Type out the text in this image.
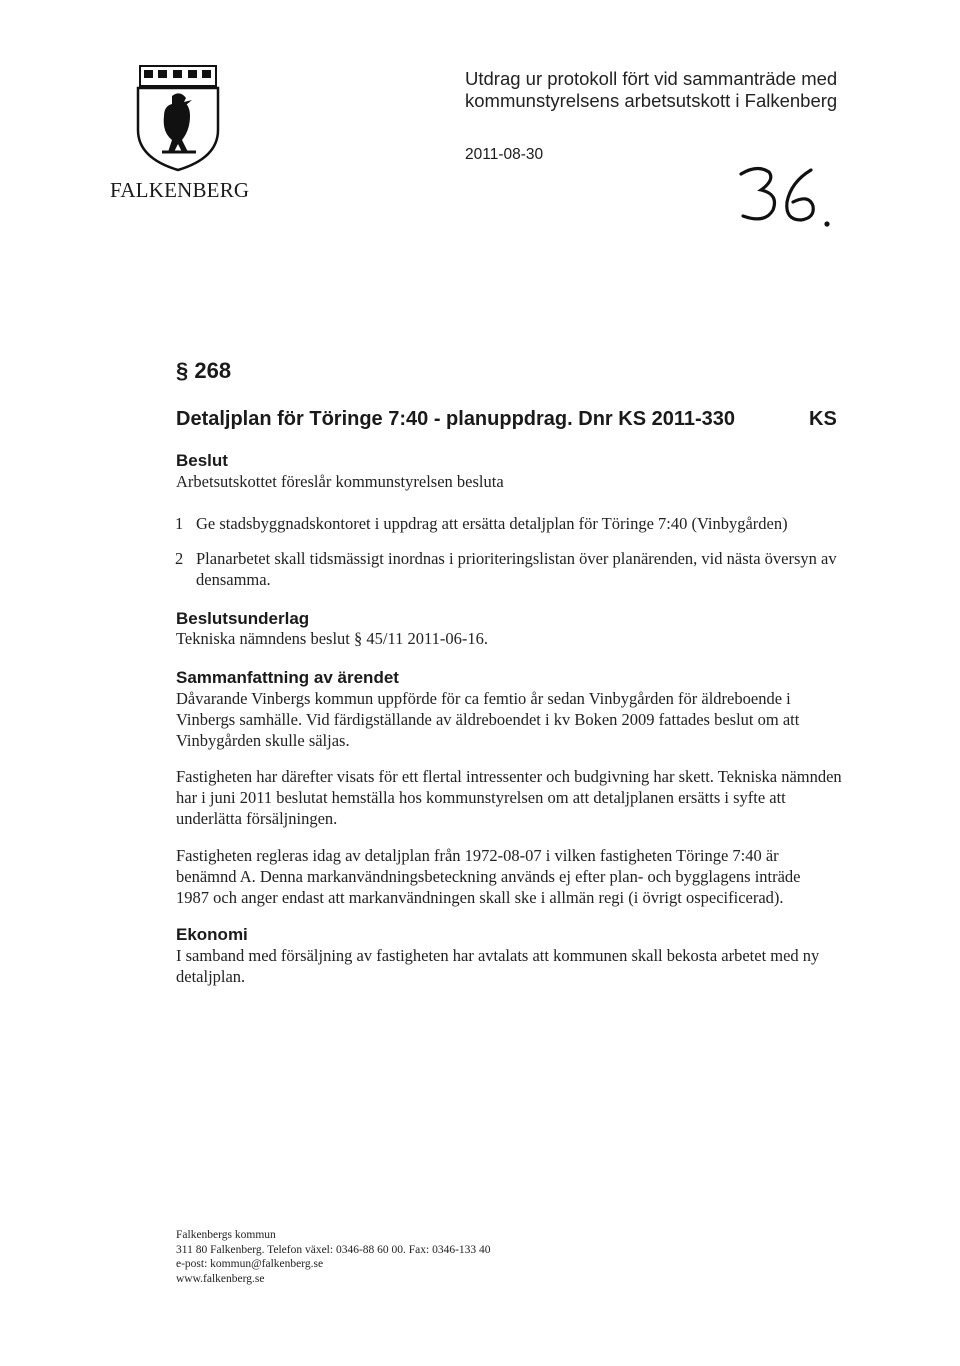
FALKENBERG
Utdrag ur protokoll fört vid sammanträde med kommunstyrelsens arbetsutskott i Falkenberg
2011-08-30
§ 268
Detaljplan för Töringe 7:40 - planuppdrag. Dnr KS 2011-330	KS
Beslut
Arbetsutskottet föreslår kommunstyrelsen besluta
1 Ge stadsbyggnadskontoret i uppdrag att ersätta detaljplan för Töringe 7:40 (Vinbygården)
2 Planarbetet skall tidsmässigt inordnas i prioriteringslistan över planärenden, vid nästa översyn av densamma.
Beslutsunderlag
Tekniska nämndens beslut § 45/11 2011-06-16.
Sammanfattning av ärendet
Dåvarande Vinbergs kommun uppförde för ca femtio år sedan Vinbygården för äldreboende i Vinbergs samhälle. Vid färdigställande av äldreboendet i kv Boken 2009 fattades beslut om att Vinbygården skulle säljas.
Fastigheten har därefter visats för ett flertal intressenter och budgivning har skett. Tekniska nämnden har i juni 2011 beslutat hemställa hos kommunstyrelsen om att detaljplanen ersätts i syfte att underlätta försäljningen.
Fastigheten regleras idag av detaljplan från 1972-08-07 i vilken fastigheten Töringe 7:40 är benämnd A. Denna markanvändningsbeteckning används ej efter plan- och bygglagens inträde 1987 och anger endast att markanvändningen skall ske i allmän regi (i övrigt ospecificerad).
Ekonomi
I samband med försäljning av fastigheten har avtalats att kommunen skall bekosta arbetet med ny detaljplan.
Falkenbergs kommun
311 80 Falkenberg. Telefon växel: 0346-88 60 00. Fax: 0346-133 40
e-post: kommun@falkenberg.se
www.falkenberg.se
